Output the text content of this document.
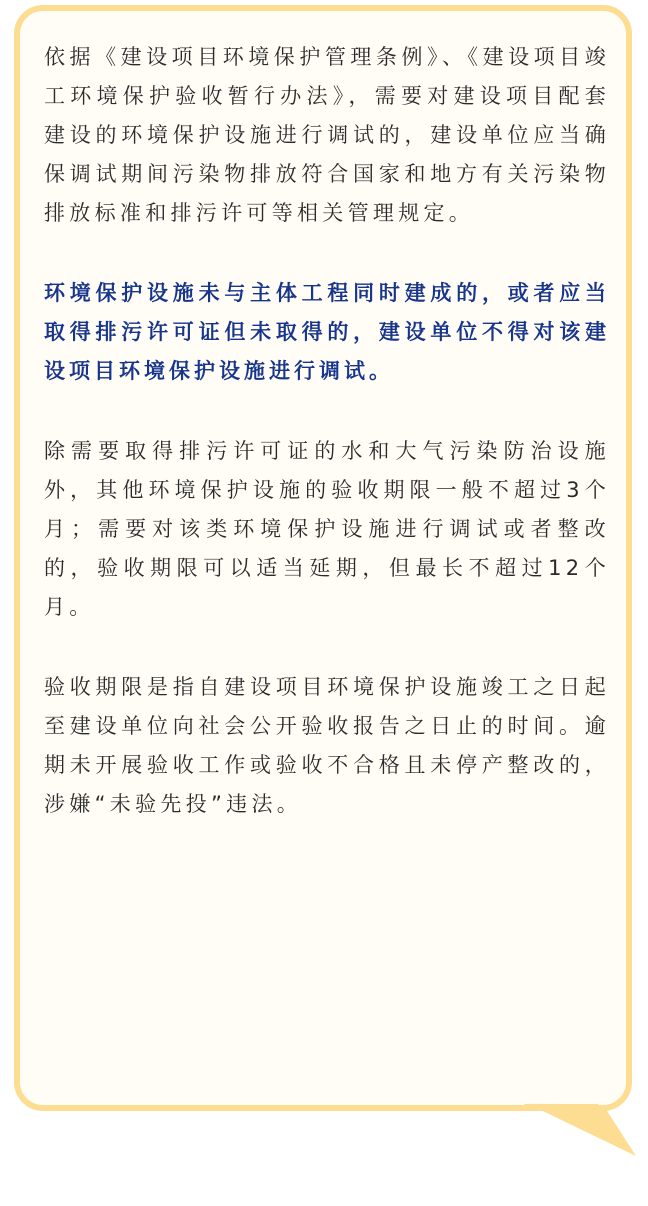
依据《建设项目环境保护管理条例》、《建设项目竣工环境保护验收暂行办法》，需要对建设项目配套建设的环境保护设施进行调试的，建设单位应当确保调试期间污染物排放符合国家和地方有关污染物排放标准和排污许可等相关管理规定。

环境保护设施未与主体工程同时建成的，或者应当取得排污许可证但未取得的，建设单位不得对该建设项目环境保护设施进行调试。

除需要取得排污许可证的水和大气污染防治设施外，其他环境保护设施的验收期限一般不超过3个月；需要对该类环境保护设施进行调试或者整改的，验收期限可以适当延期，但最长不超过12个月。

验收期限是指自建设项目环境保护设施竣工之日起至建设单位向社会公开验收报告之日止的时间。逾期未开展验收工作或验收不合格且未停产整改的，涉嫌“未验先投”违法。
